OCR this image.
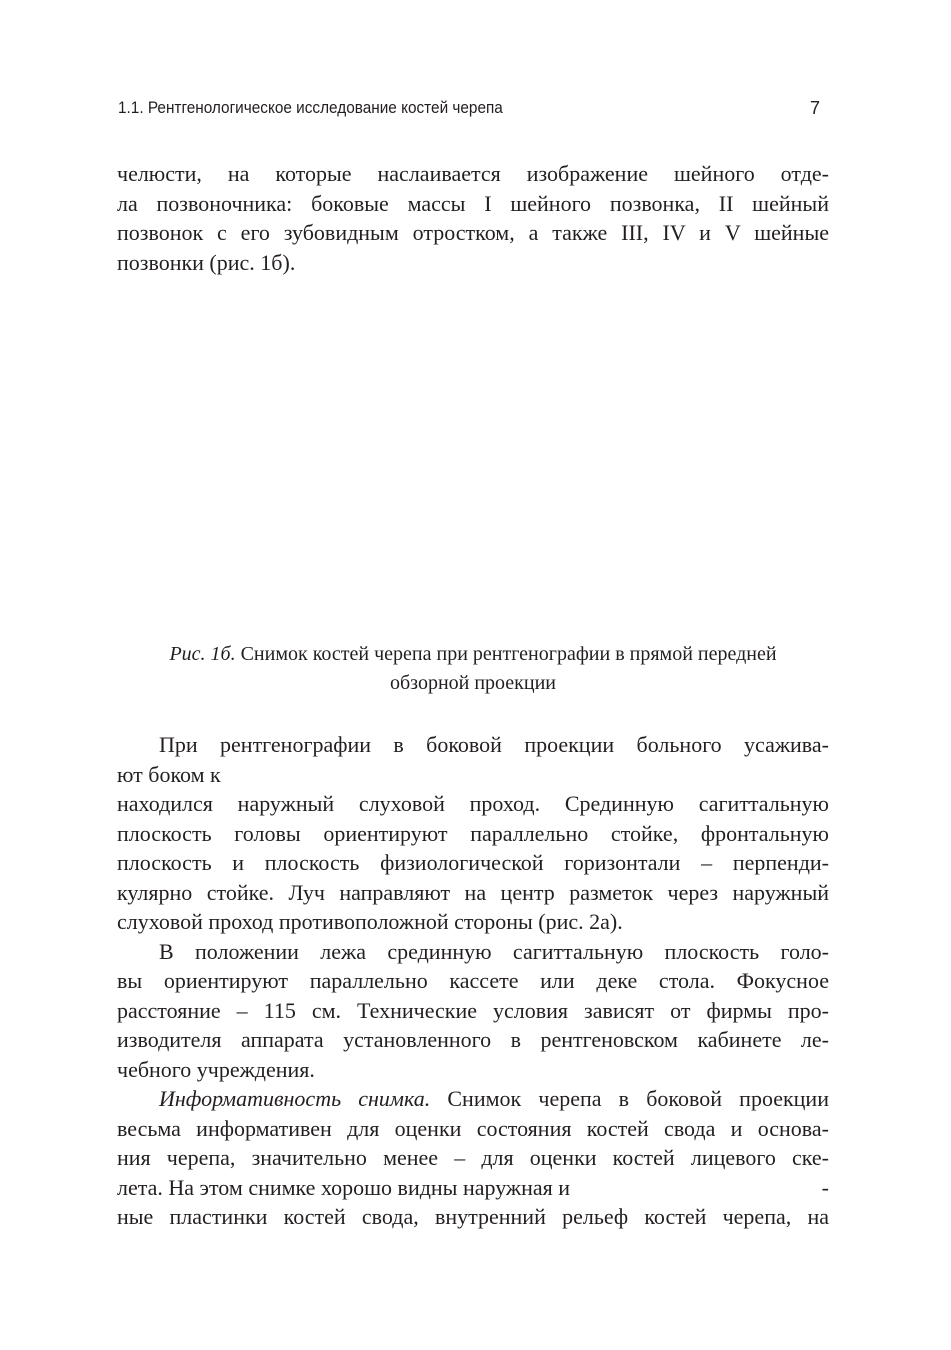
1.1. Рентгенологическое исследование костей черепа	7
челюсти, на которые наслаивается изображение шейного отде-
ла позвоночника: боковые массы I шейного позвонка, II шейный
позвонок с его зубовидным отростком, а также III, IV и V шейные
позвонки (рис. 1б).
Рис. 1б. Снимок костей черепа при рентгенографии в прямой передней
обзорной проекции
При рентгенографии в боковой проекции больного усажива-
ют боком к
находился наружный слуховой проход. Срединную сагиттальную
плоскость головы ориентируют параллельно стойке, фронтальную
плоскость и плоскость физиологической горизонтали – перпенди-
кулярно стойке. Луч направляют на центр разметок через наружный
слуховой проход противоположной стороны (рис. 2а).
В положении лежа срединную сагиттальную плоскость голо-
вы ориентируют параллельно кассете или деке стола. Фокусное
расстояние – 115 см. Технические условия зависят от фирмы про-
изводителя аппарата установленного в рентгеновском кабинете ле-
чебного учреждения.
Информативность снимка. Снимок черепа в боковой проекции
весьма информативен для оценки состояния костей свода и основа-
ния черепа, значительно менее – для оценки костей лицевого ске-
лета. На этом снимке хорошо видны наружная и	-
ные пластинки костей свода, внутренний рельеф костей черепа, на
